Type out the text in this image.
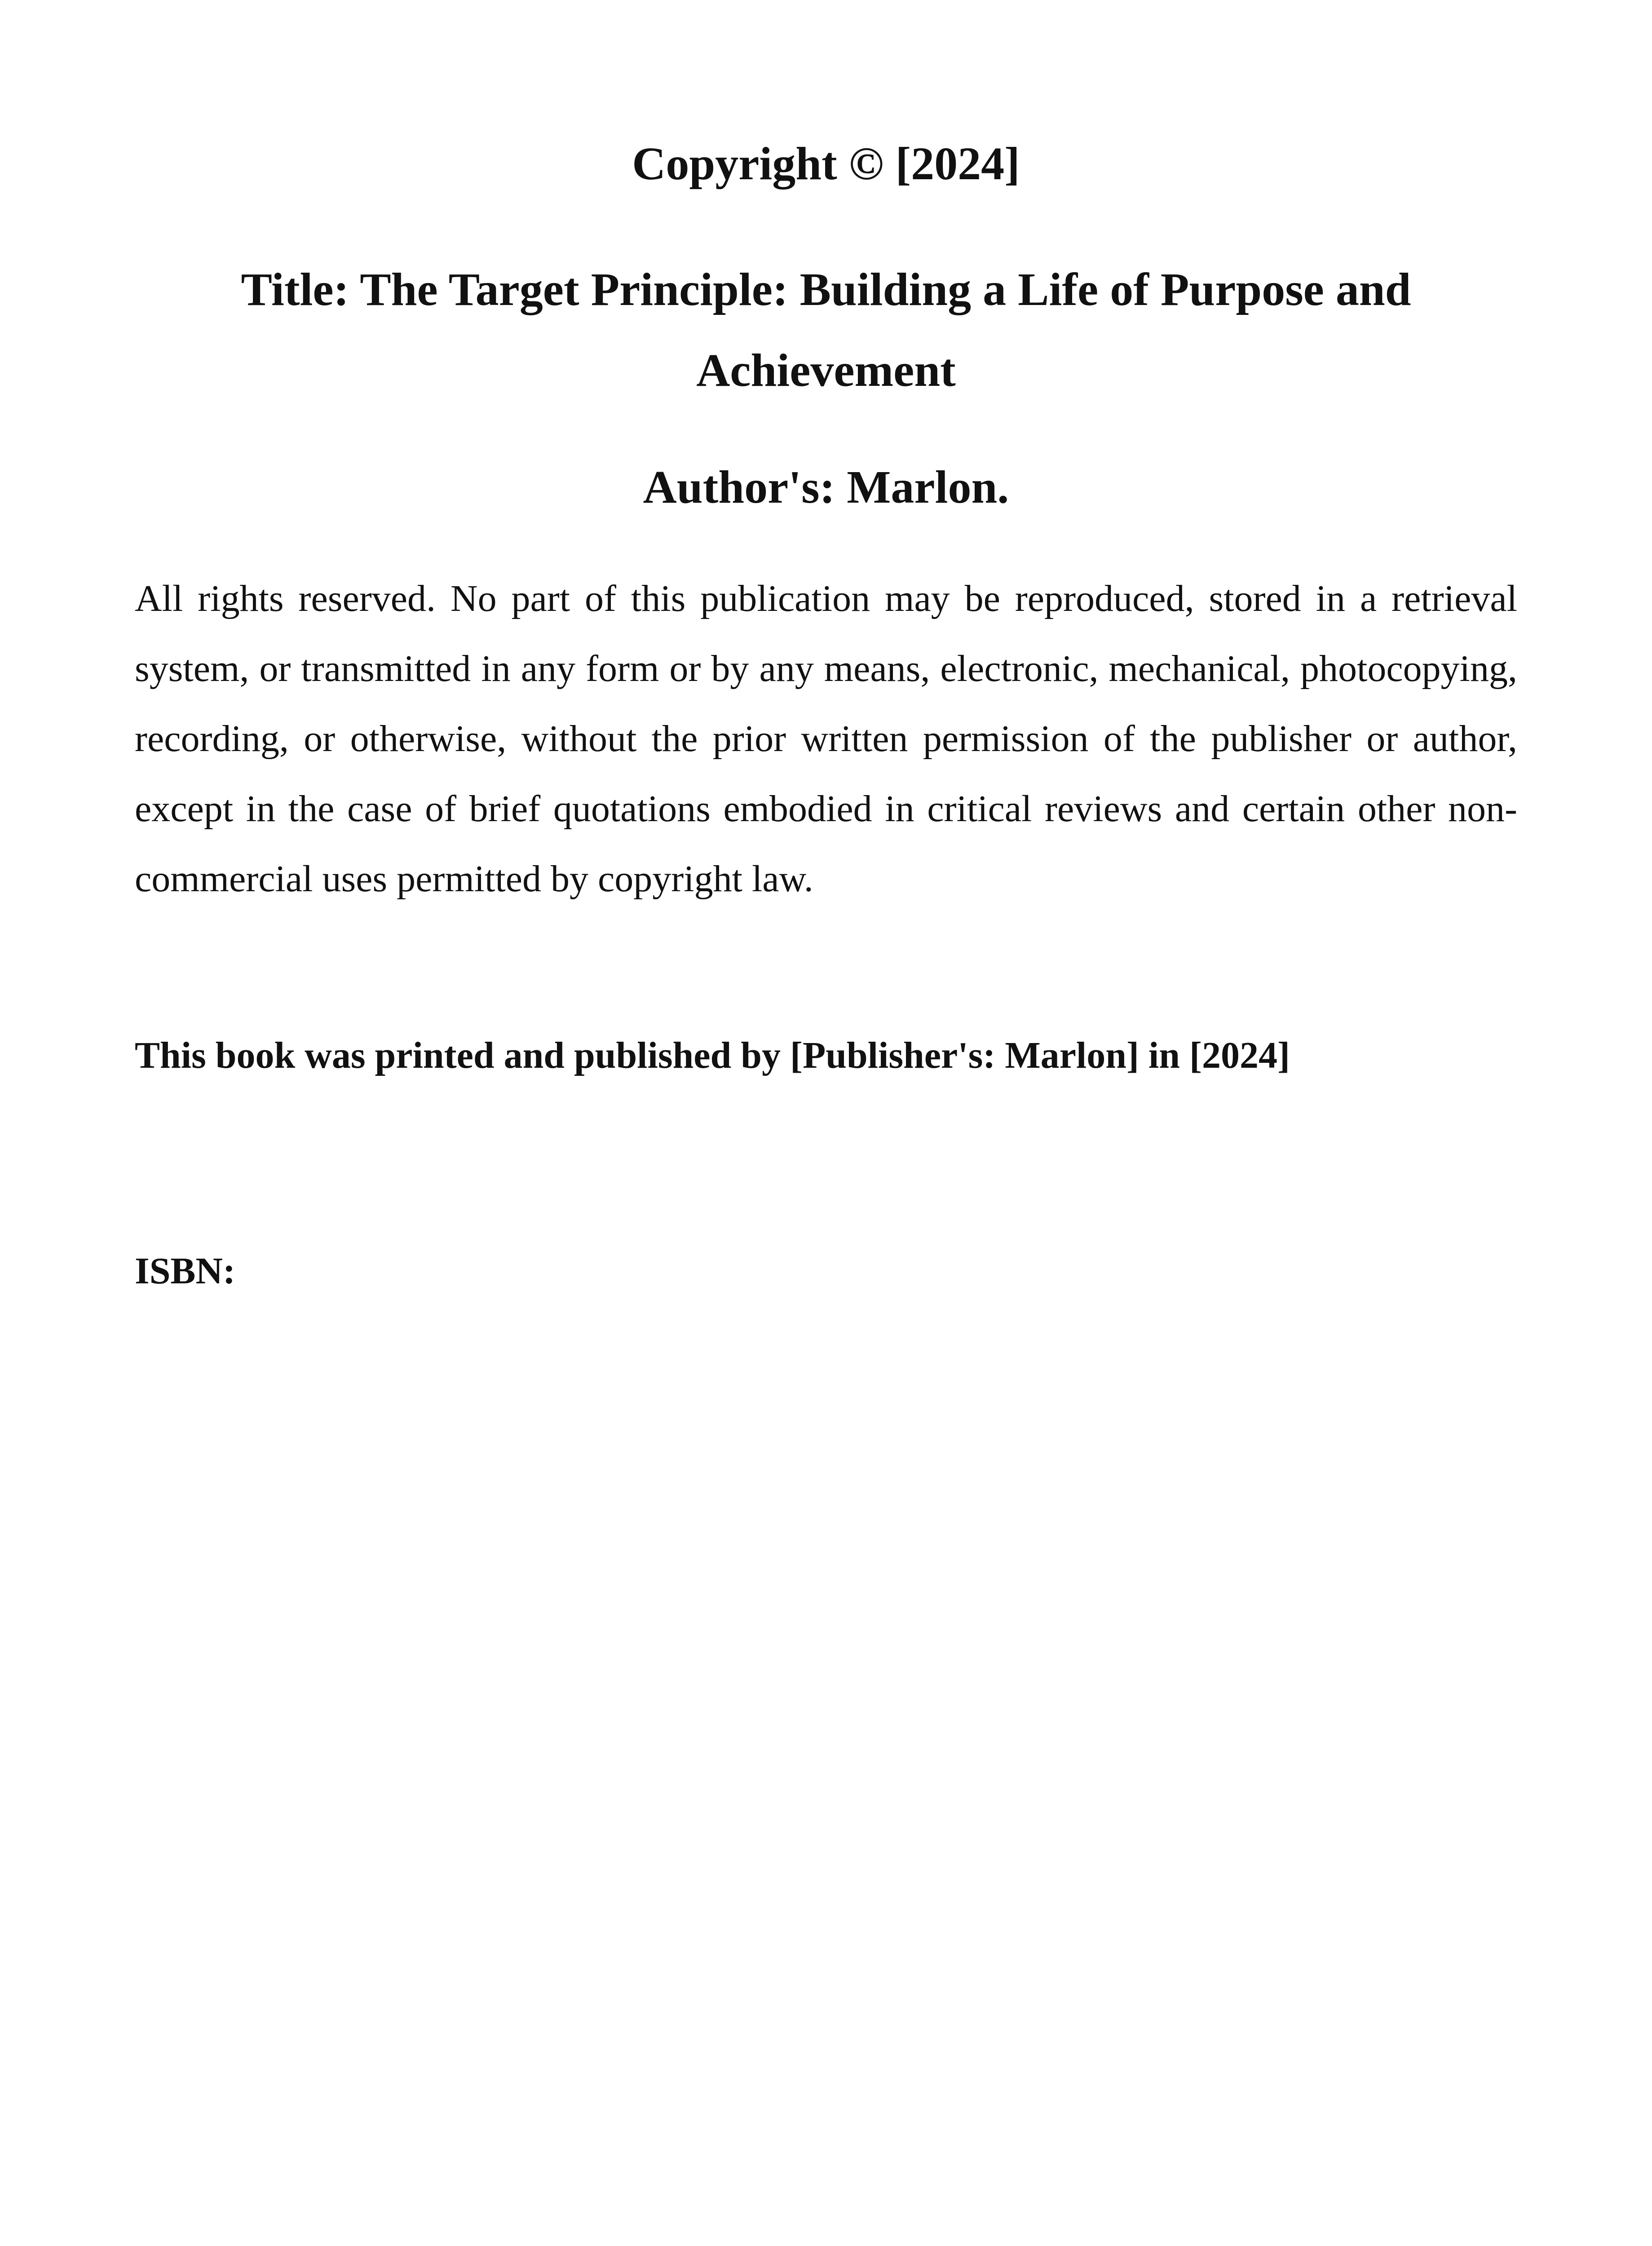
Copyright © [2024]
Title: The Target Principle: Building a Life of Purpose and Achievement
Author's: Marlon.

All rights reserved. No part of this publication may be reproduced, stored in a retrieval system, or transmitted in any form or by any means, electronic, mechanical, photocopying, recording, or otherwise, without the prior written permission of the publisher or author, except in the case of brief quotations embodied in critical reviews and certain other non-commercial uses permitted by copyright law.

This book was printed and published by [Publisher's: Marlon] in [2024]

ISBN:
